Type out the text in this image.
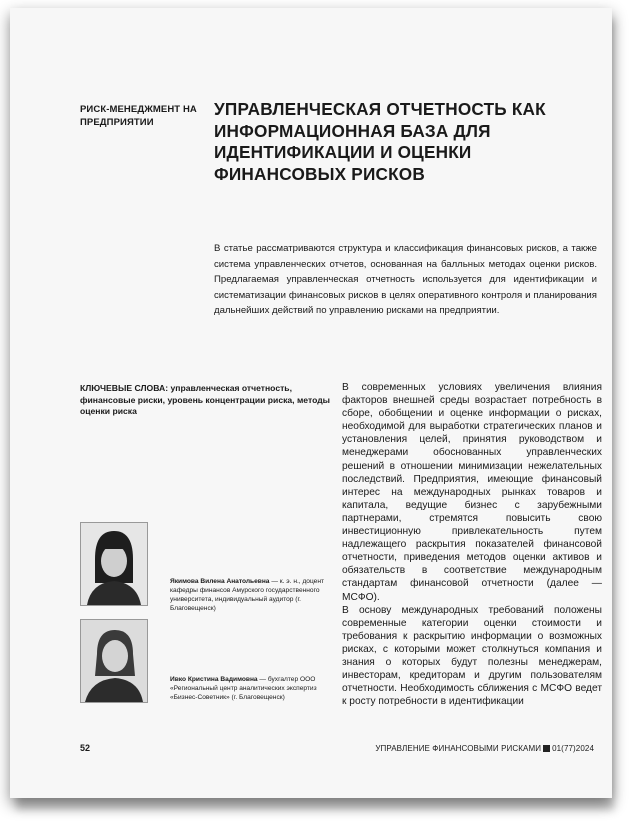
РИСК-МЕНЕДЖМЕНТ НА ПРЕДПРИЯТИИ
УПРАВЛЕНЧЕСКАЯ ОТЧЕТНОСТЬ КАК ИНФОРМАЦИОННАЯ БАЗА ДЛЯ ИДЕНТИФИКАЦИИ И ОЦЕНКИ ФИНАНСОВЫХ РИСКОВ
В статье рассматриваются структура и классификация финансовых рисков, а также система управленческих отчетов, основанная на балльных методах оценки рисков. Предлагаемая управленческая отчетность используется для идентификации и систематизации финансовых рисков в целях оперативного контроля и планирования дальнейших действий по управлению рисками на предприятии.
КЛЮЧЕВЫЕ СЛОВА: управленческая отчетность, финансовые риски, уровень концентрации риска, методы оценки риска

В современных условиях увеличения влияния факторов внешней среды возрастает потребность в сборе, обобщении и оценке информации о рисках, необходимой для выработки стратегических планов и установления целей, принятия руководством и менеджерами обоснованных управленческих решений в отношении минимизации нежелательных последствий. Предприятия, имеющие финансовый интерес на международных рынках товаров и капитала, ведущие бизнес с зарубежными партнерами, стремятся повысить свою инвестиционную привлекательность путем надлежащего раскрытия показателей финансовой отчетности, приведения методов оценки активов и обязательств в соответствие международным стандартам финансовой отчетности (далее — МСФО).

В основу международных требований положены современные категории оценки стоимости и требования к раскрытию информации о возможных рисках, с которыми может столкнуться компания и знания о которых будут полезны менеджерам, инвесторам, кредиторам и другим пользователям отчетности. Необходимость сближения с МСФО ведет к росту потребности в идентификации

Якимова Вилена Анатольевна — к. э. н., доцент кафедры финансов Амурского государственного университета, индивидуальный аудитор (г. Благовещенск)
Ивко Кристина Вадимовна — бухгалтер ООО «Региональный центр аналитических экспертиз «Бизнес-Советник» (г. Благовещенск)
52	УПРАВЛЕНИЕ ФИНАНСОВЫМИ РИСКАМИ 01(77)2024
